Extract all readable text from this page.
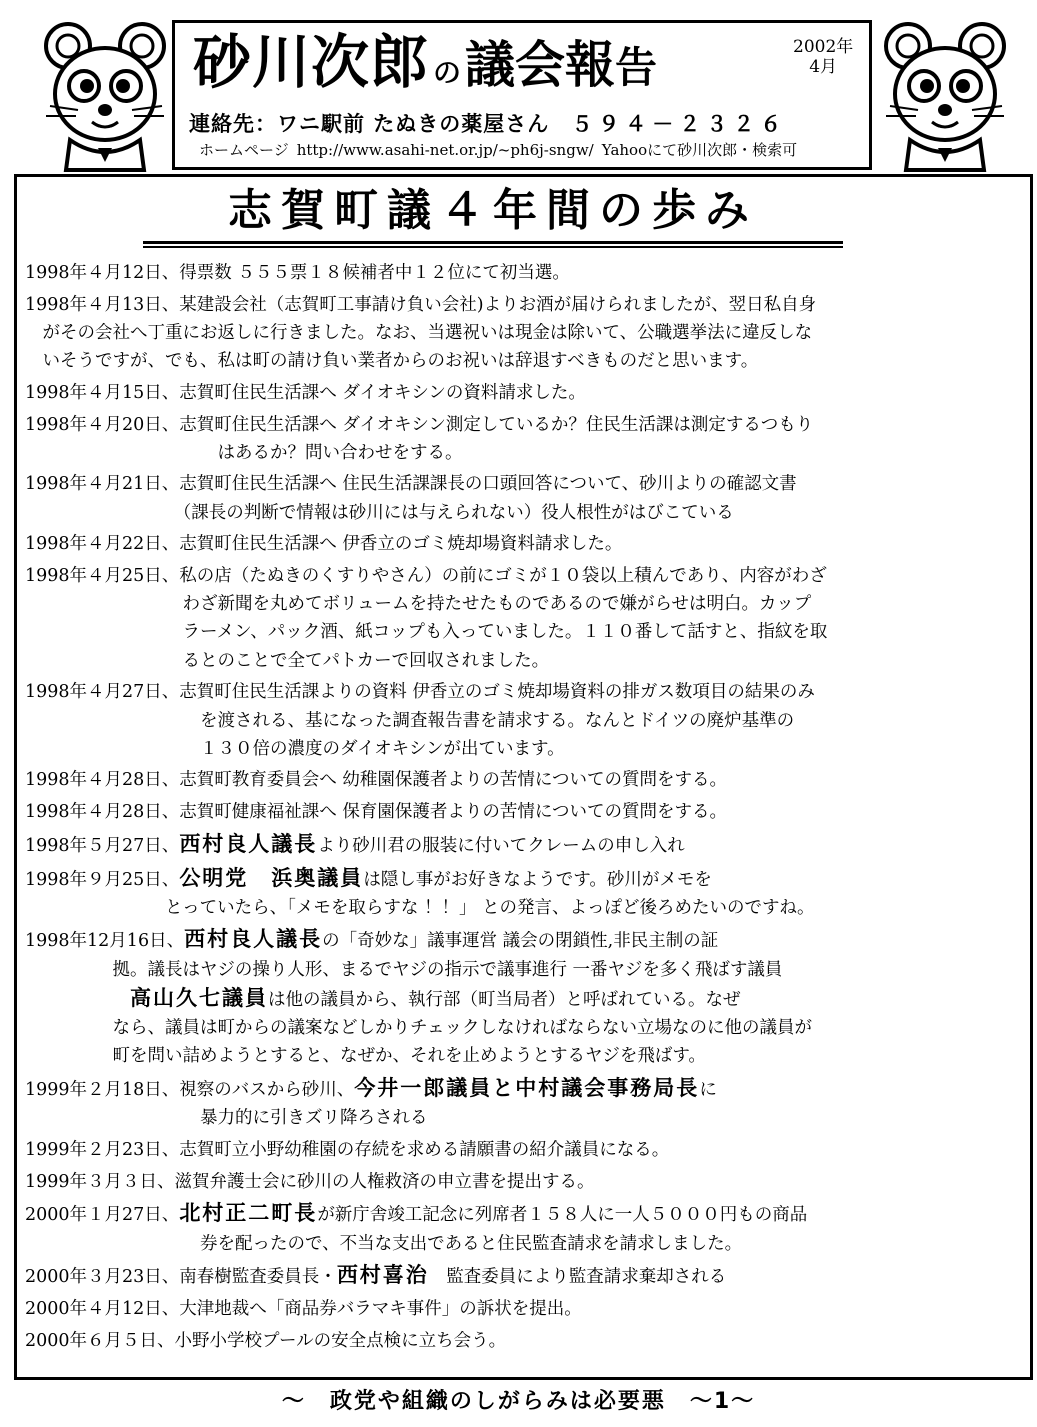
砂川次郎 の議会報告	2002年
4月
連絡先：ワニ駅前 たぬきの薬屋さん ５９４－２３２６
ホームページ http://www.asahi-net.or.jp/~ph6j-sngw/ Yahooにて砂川次郎・検索可
志賀町議４年間の歩み
1998年４月12日、得票数 ５５５票１８候補者中１２位にて初当選。
1998年４月13日、某建設会社（志賀町工事請け負い会社)よりお酒が届けられましたが、翌日私自身
　がその会社へ丁重にお返しに行きました。なお、当選祝いは現金は除いて、公職選挙法に違反しな
　いそうですが、でも、私は町の請け負い業者からのお祝いは辞退すべきものだと思います。
1998年４月15日、志賀町住民生活課へ ダイオキシンの資料請求した。
1998年４月20日、志賀町住民生活課へ ダイオキシン測定しているか？住民生活課は測定するつもり
　　　　　　　　　　　はあるか？問い合わせをする。
1998年４月21日、志賀町住民生活課へ 住民生活課課長の口頭回答について、砂川よりの確認文書
　　　　　　　　　（課長の判断で情報は砂川には与えられない）役人根性がはびこている
1998年４月22日、志賀町住民生活課へ 伊香立のゴミ焼却場資料請求した。
1998年４月25日、私の店（たぬきのくすりやさん）の前にゴミが１０袋以上積んであり、内容がわざ
　　　　　　　　　わざ新聞を丸めてボリュームを持たせたものであるので嫌がらせは明白。カップ
　　　　　　　　　ラーメン、パック酒、紙コップも入っていました。１１０番して話すと、指紋を取
　　　　　　　　　るとのことで全てパトカーで回収されました。
1998年４月27日、志賀町住民生活課よりの資料 伊香立のゴミ焼却場資料の排ガス数項目の結果のみ
　　　　　　　　　　を渡される、基になった調査報告書を請求する。なんとドイツの廃炉基準の
　　　　　　　　　　１３０倍の濃度のダイオキシンが出ています。
1998年４月28日、志賀町教育委員会へ 幼稚園保護者よりの苦情についての質問をする。
1998年４月28日、志賀町健康福祉課へ 保育園保護者よりの苦情についての質問をする。
1998年５月27日、西村良人議長より砂川君の服装に付いてクレームの申し入れ
1998年９月25日、公明党　浜奥議員は隠し事がお好きなようです。砂川がメモを
　　　　　　　　とっていたら、「メモを取らすな ！！」 との発言、よっぽど後ろめたいのですね。
1998年12月16日、西村良人議長の「奇妙な」議事運営 議会の閉鎖性,非民主制の証
　　　　　拠。議長はヤジの操り人形、まるでヤジの指示で議事進行 一番ヤジを多く飛ばす議員
　　　　　　高山久七議員は他の議員から、執行部（町当局者）と呼ばれている。なぜ
　　　　　なら、議員は町からの議案などしかりチェックしなければならない立場なのに他の議員が
　　　　　町を問い詰めようとすると、なぜか、それを止めようとするヤジを飛ばす。
1999年２月18日、視察のバスから砂川、今井一郎議員と中村議会事務局長に
　　　　　　　　　　暴力的に引きズリ降ろされる
1999年２月23日、志賀町立小野幼稚園の存続を求める請願書の紹介議員になる。
1999年３月３日、滋賀弁護士会に砂川の人権救済の申立書を提出する。
2000年１月27日、北村正二町長が新庁舎竣工記念に列席者１５８人に一人５０００円もの商品
　　　　　　　　　　券を配ったので、不当な支出であると住民監査請求を請求しました。
2000年３月23日、南春樹監査委員長・西村喜治　監査委員により監査請求棄却される
2000年４月12日、大津地裁へ「商品券バラマキ事件」の訴状を提出。
2000年６月５日、小野小学校プールの安全点検に立ち会う。
～　政党や組織のしがらみは必要悪　～1～
